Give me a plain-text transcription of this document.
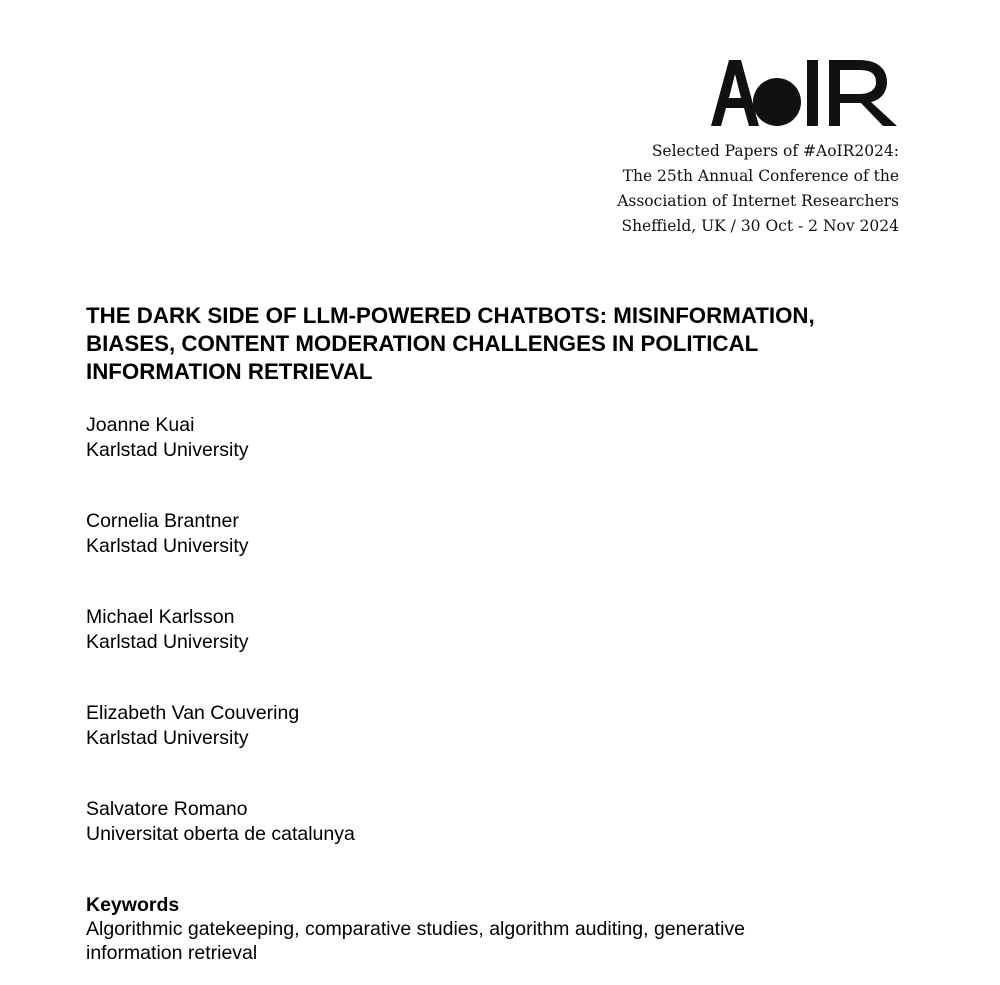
Selected Papers of #AoIR2024:
The 25th Annual Conference of the
Association of Internet Researchers
Sheffield, UK / 30 Oct - 2 Nov 2024
THE DARK SIDE OF LLM-POWERED CHATBOTS: MISINFORMATION,
BIASES, CONTENT MODERATION CHALLENGES IN POLITICAL
INFORMATION RETRIEVAL
Joanne Kuai
Karlstad University
Cornelia Brantner
Karlstad University
Michael Karlsson
Karlstad University
Elizabeth Van Couvering
Karlstad University
Salvatore Romano
Universitat oberta de catalunya
Keywords
Algorithmic gatekeeping, comparative studies, algorithm auditing, generative information retrieval
